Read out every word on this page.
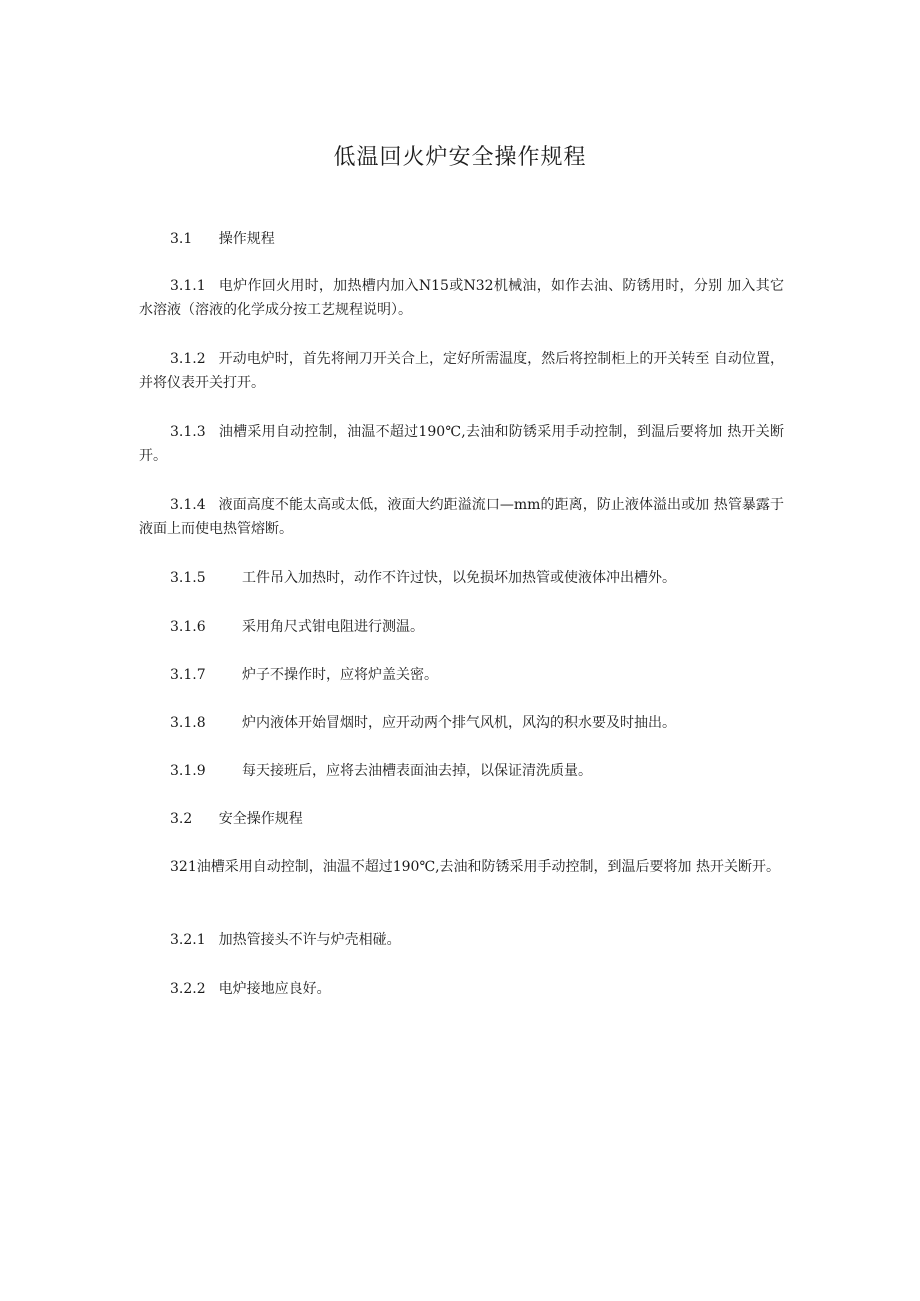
低温回火炉安全操作规程

3.1 操作规程

3.1.1 电炉作回火用时，加热槽内加入N15或N32机械油，如作去油、防锈用时，分别 加入其它水溶液（溶液的化学成分按工艺规程说明）。

3.1.2 开动电炉时，首先将闸刀开关合上，定好所需温度，然后将控制柜上的开关转至 自动位置，并将仪表开关打开。

3.1.3 油槽采用自动控制，油温不超过190℃,去油和防锈采用手动控制，到温后要将加 热开关断开。

3.1.4 液面高度不能太高或太低，液面大约距溢流口—mm的距离，防止液体溢出或加 热管暴露于液面上而使电热管熔断。

3.1.5	工件吊入加热时，动作不许过快，以免损坏加热管或使液体冲出槽外。

3.1.6	采用角尺式钳电阻进行测温。

3.1.7	炉子不操作时，应将炉盖关密。

3.1.8	炉内液体开始冒烟时，应开动两个排气风机，风沟的积水要及时抽出。

3.1.9	每天接班后，应将去油槽表面油去掉，以保证清洗质量。

3.2 安全操作规程

321油槽采用自动控制，油温不超过190℃,去油和防锈采用手动控制，到温后要将加 热开关断开。

3.2.1 加热管接头不许与炉壳相碰。

3.2.2 电炉接地应良好。
